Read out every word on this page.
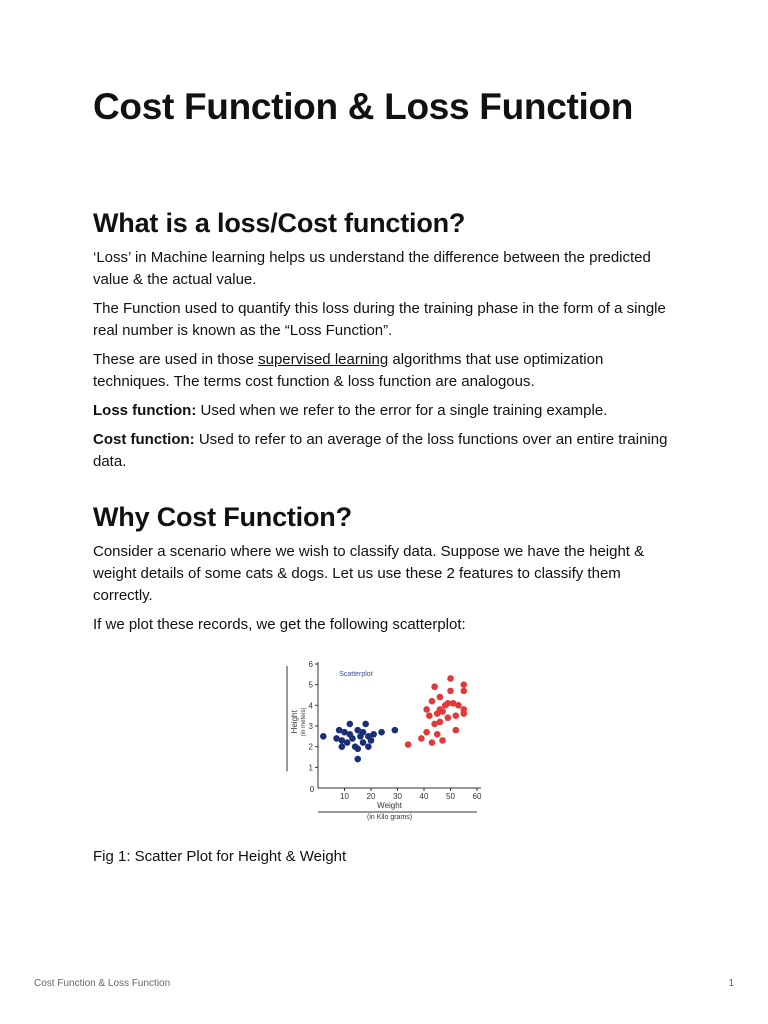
Cost Function & Loss Function
What is a loss/Cost function?

‘Loss’ in Machine learning helps us understand the difference between the predicted value & the actual value.

The Function used to quantify this loss during the training phase in the form of a single real number is known as the “Loss Function”.

These are used in those supervised learning algorithms that use optimization techniques. The terms cost function & loss function are analogous.

Loss function: Used when we refer to the error for a single training example.

Cost function: Used to refer to an average of the loss functions over an entire training data.

Why Cost Function?

Consider a scenario where we wish to classify data. Suppose we have the height & weight details of some cats & dogs. Let us use these 2 features to classify them correctly.

If we plot these records, we get the following scatterplot:

10 20 30 40 50 60
1
2
3
4
5
6
0
Scatterplot
Weight
(in Kilo grams)
Height (in meters)
Fig 1: Scatter Plot for Height & Weight
Cost Function & Loss Function	1
